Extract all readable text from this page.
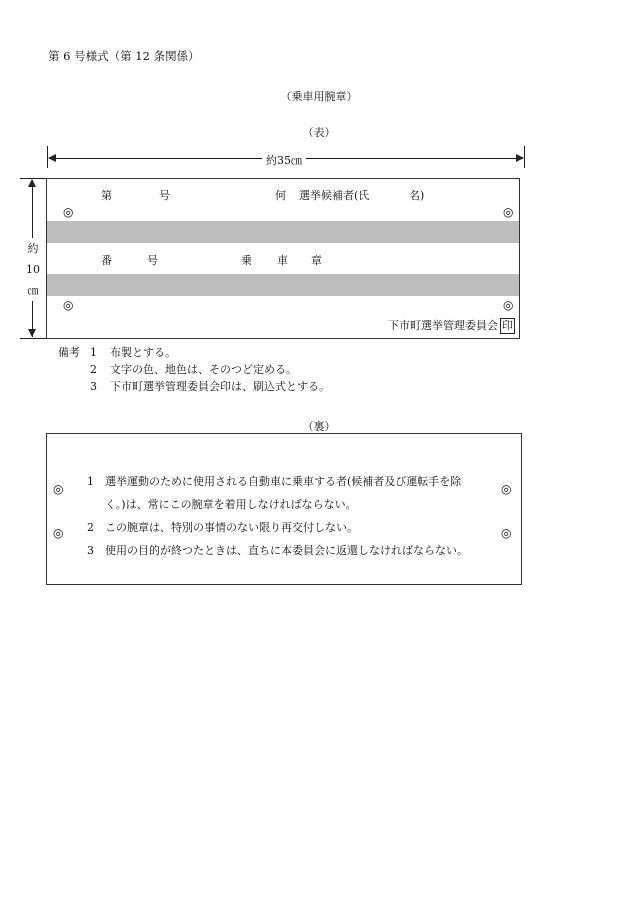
第 6 号様式（第 12 条関係）
（乗車用腕章）
（表）
約35㎝
約
10
㎝
第	号	何 選挙候補者(氏	名)
◎	◎
番	号	乗 車 章
◎	◎
下市町選挙管理委員会 印
備考 1 布製とする。
2 文字の色、地色は、そのつど定める。
3 下市町選挙管理委員会印は、刷込式とする。
（裏）
◎
◎
◎
◎
1 選挙運動のために使用される自動車に乗車する者(候補者及び運転手を除
く。)は、常にこの腕章を着用しなければならない。
2 この腕章は、特別の事情のない限り再交付しない。
3 使用の目的が終つたときは、直ちに本委員会に返還しなければならない。
